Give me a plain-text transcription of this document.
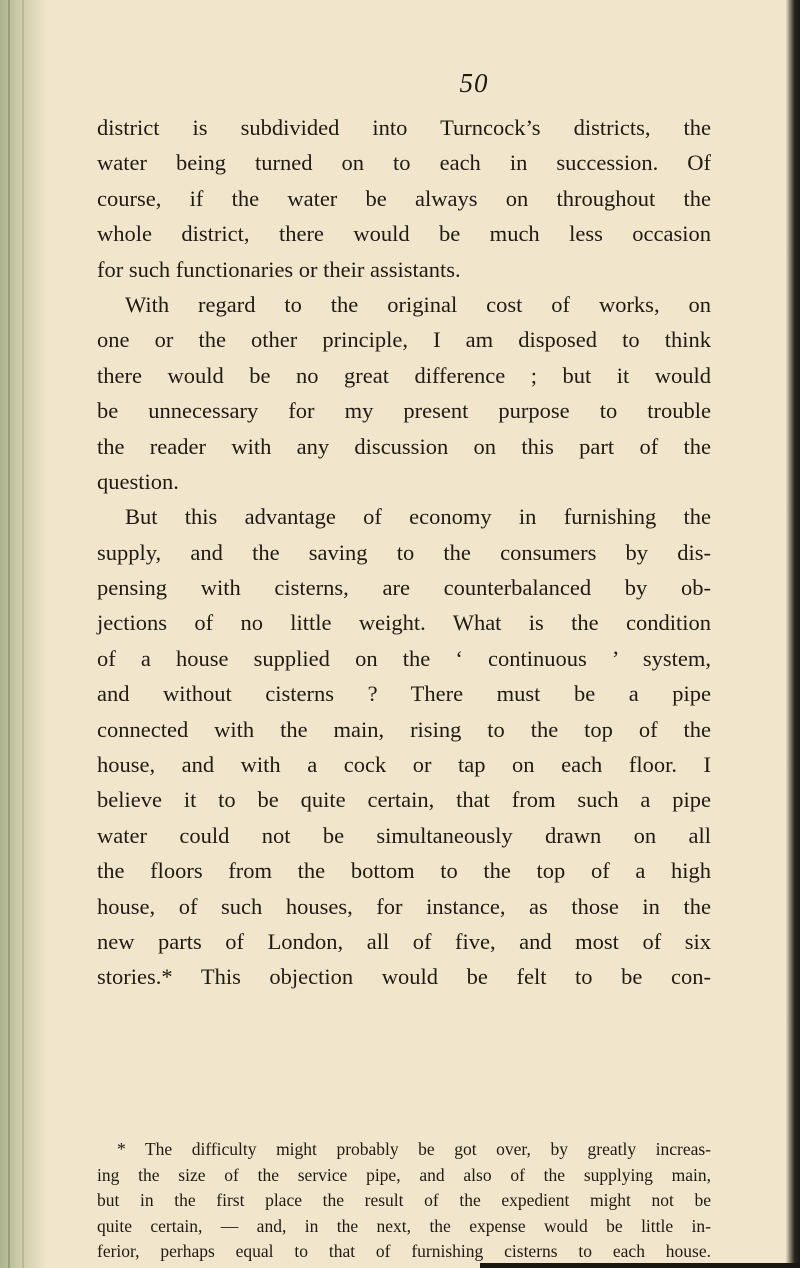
50
district is subdivided into Turncock’s districts, the
water being turned on to each in succession. Of
course, if the water be always on throughout the
whole district, there would be much less occasion
for such functionaries or their assistants.
With regard to the original cost of works, on
one or the other principle, I am disposed to think
there would be no great difference ; but it would
be unnecessary for my present purpose to trouble
the reader with any discussion on this part of the
question.
But this advantage of economy in furnishing the
supply, and the saving to the consumers by dis-
pensing with cisterns, are counterbalanced by ob-
jections of no little weight. What is the condition
of a house supplied on the ‘ continuous ’ system,
and without cisterns ? There must be a pipe
connected with the main, rising to the top of the
house, and with a cock or tap on each floor. I
believe it to be quite certain, that from such a pipe
water could not be simultaneously drawn on all
the floors from the bottom to the top of a high
house, of such houses, for instance, as those in the
new parts of London, all of five, and most of six
stories.* This objection would be felt to be con-
* The difficulty might probably be got over, by greatly increas-
ing the size of the service pipe, and also of the supplying main,
but in the first place the result of the expedient might not be
quite certain, — and, in the next, the expense would be little in-
ferior, perhaps equal to that of furnishing cisterns to each house.
